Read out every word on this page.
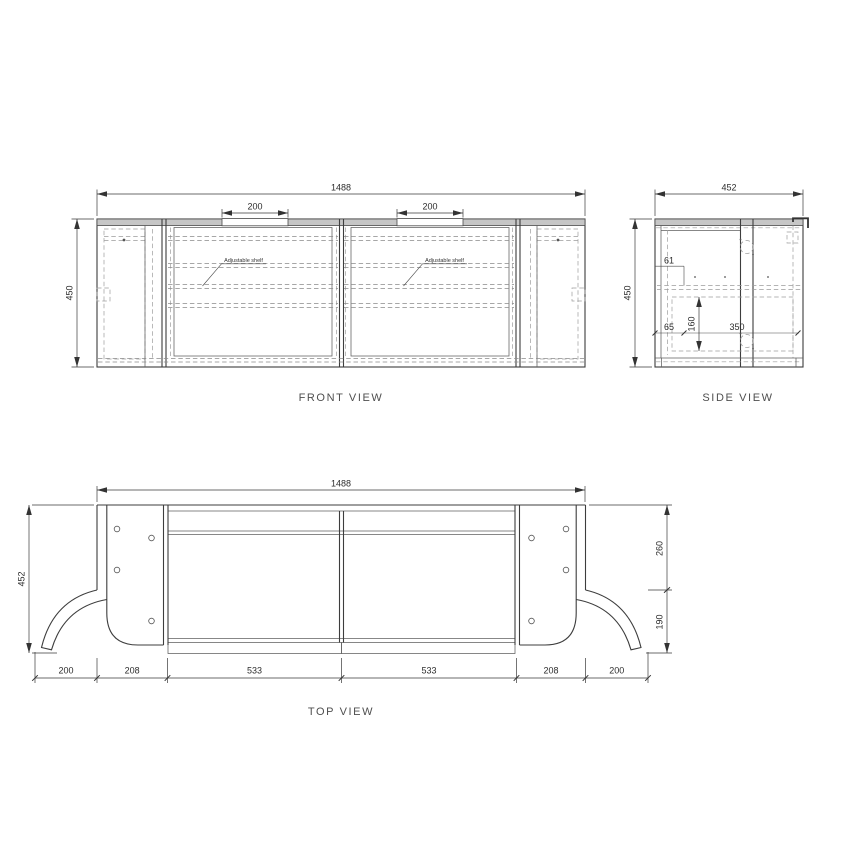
1488
200	200
450
Adjustable shelf	Adjustable shelf
FRONT VIEW
452
450
61
65	350
160
SIDE VIEW
1488
452
260
190
200	208	533	533	208	200
TOP VIEW
